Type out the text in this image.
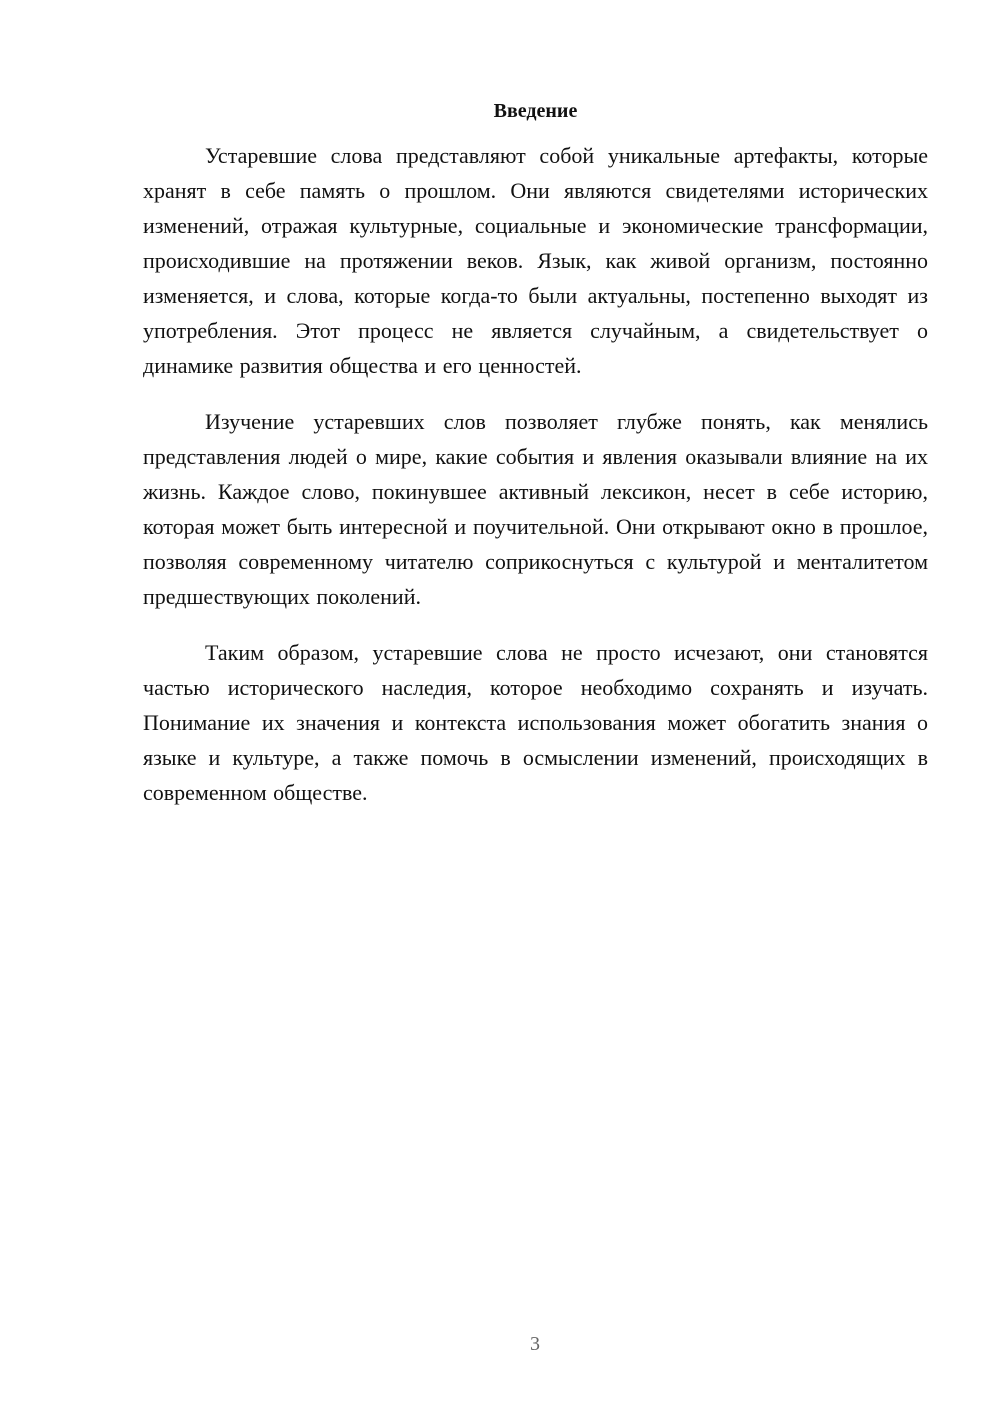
Введение

Устаревшие слова представляют собой уникальные артефакты, которые хранят в себе память о прошлом. Они являются свидетелями исторических изменений, отражая культурные, социальные и экономические трансформации, происходившие на протяжении веков. Язык, как живой организм, постоянно изменяется, и слова, которые когда-то были актуальны, постепенно выходят из употребления. Этот процесс не является случайным, а свидетельствует о динамике развития общества и его ценностей.

Изучение устаревших слов позволяет глубже понять, как менялись представления людей о мире, какие события и явления оказывали влияние на их жизнь. Каждое слово, покинувшее активный лексикон, несет в себе историю, которая может быть интересной и поучительной. Они открывают окно в прошлое, позволяя современному читателю соприкоснуться с культурой и менталитетом предшествующих поколений.

Таким образом, устаревшие слова не просто исчезают, они становятся частью исторического наследия, которое необходимо сохранять и изучать. Понимание их значения и контекста использования может обогатить знания о языке и культуре, а также помочь в осмыслении изменений, происходящих в современном обществе.

3
